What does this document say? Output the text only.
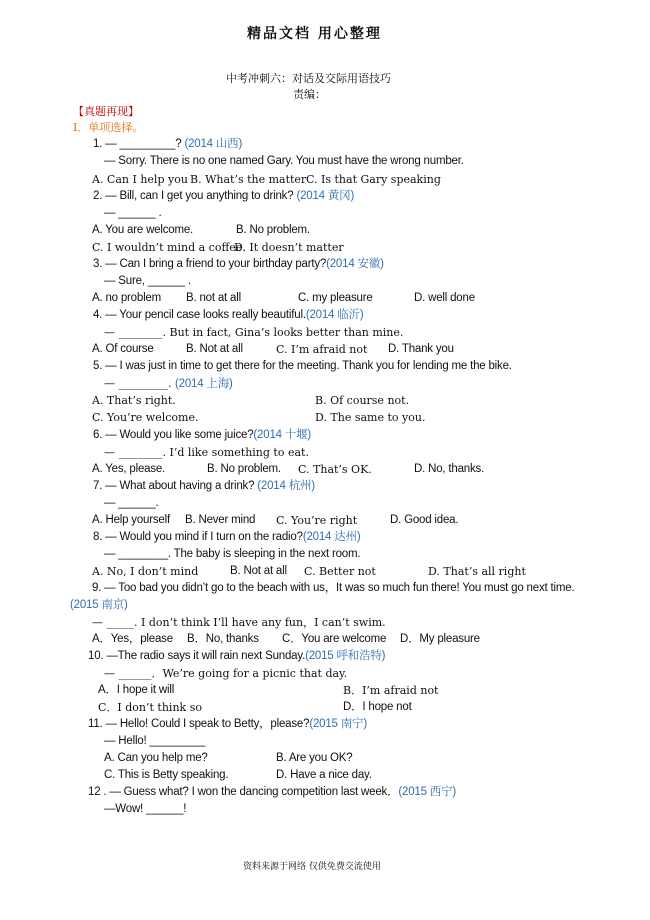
精品文档 用心整理
中考冲刺六：对话及交际用语技巧
责编：
【真题再现】
I．单项选择。
1. — _________? (2014 山西)
— Sorry. There is no one named Gary. You must have the wrong number.
A. Can I help you B. What’s the matter C. Is that Gary speaking
2. — Bill, can I get you anything to drink? (2014 黄冈)
— ______ .
A. You are welcome.	B. No problem.
C. I wouldn’t mind a coffee.
D. It doesn’t matter
3. — Can I bring a friend to your birthday party?(2014 安徽)
— Sure, ______ .
A. no problem B. not at all	C. my pleasure	D. well done
4. — Your pencil case looks really beautiful.(2014 临沂)
— ________. But in fact, Gina’s looks better than mine.
A. Of course	B. Not at all	C. I’m afraid not D. Thank you
5. — I was just in time to get there for the meeting. Thank you for lending me the bike.
— _________. (2014 上海)
A. That’s right.	B. Of course not.
C. You’re welcome.	D. The same to you.
6. — Would you like some juice?(2014 十堰)
— ________. I’d like something to eat.
A. Yes, please.	B. No problem. C. That’s OK.	D. No, thanks.
7. — What about having a drink? (2014 杭州)
— ______.
A. Help yourself B. Never mind C. You’re right	D. Good idea.
8. — Would you mind if I turn on the radio?(2014 达州)
— ________. The baby is sleeping in the next room.
A. No, I don’t mind	B. Not at all C. Better not	D. That’s all right
9. — Too bad you didn’t go to the beach with us，It was so much fun there! You must go next time.
(2015 南京)
— _____. I don’t think I’ll have any fun，I can’t swim.
A．Yes，please B．No, thanks C．You are welcome D．My pleasure
10. —The radio says it will rain next Sunday.(2015 呼和浩特)
— ______．We’re going for a picnic that day.
A．I hope it will	B．I’m afraid not
C．I don’t think so	D．I hope not
11. — Hello! Could I speak to Betty，please?(2015 南宁)
— Hello! _________
A. Can you help me?	B. Are you OK?
C. This is Betty speaking.	D. Have a nice day.
12 . — Guess what? I won the dancing competition last week．(2015 西宁)
—Wow! ______!
资料来源于网络 仅供免费交流使用
